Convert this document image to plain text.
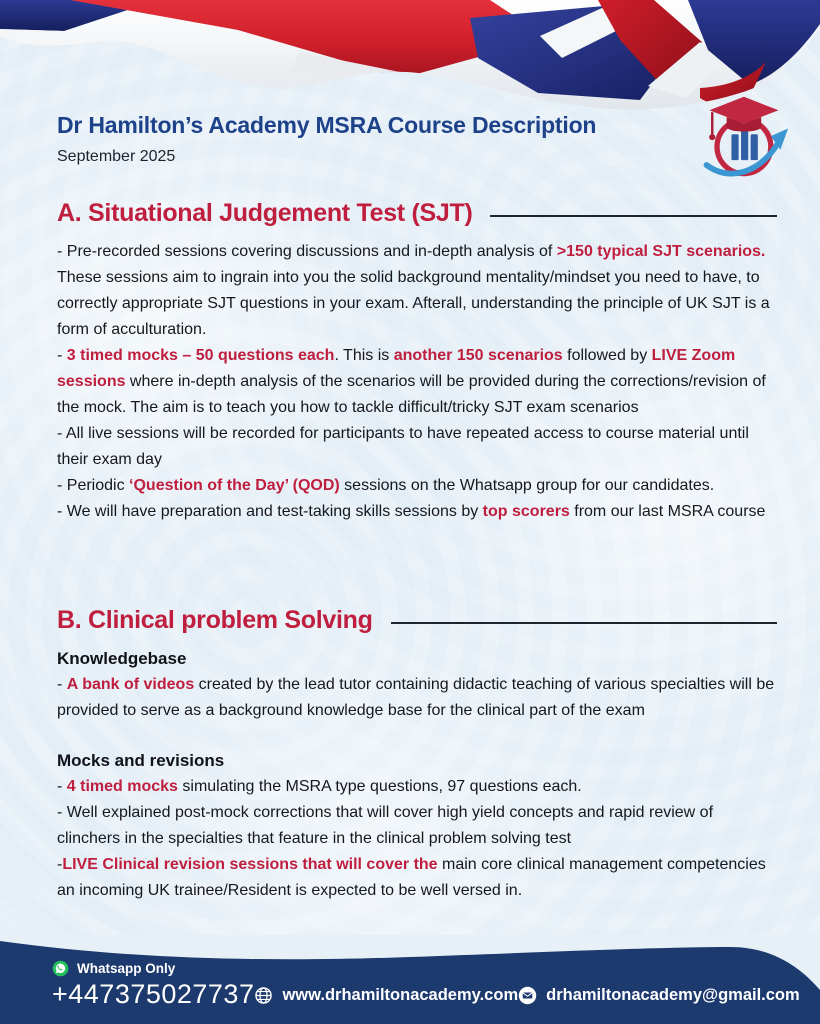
Dr Hamilton’s Academy MSRA Course Description
September 2025
A. Situational Judgement Test (SJT)

- Pre-recorded sessions covering discussions and in-depth analysis of >150 typical SJT scenarios. These sessions aim to ingrain into you the solid background mentality/mindset you need to have, to correctly appropriate SJT questions in your exam. Afterall, understanding the principle of UK SJT is a form of acculturation.

- 3 timed mocks – 50 questions each. This is another 150 scenarios followed by LIVE Zoom sessions where in-depth analysis of the scenarios will be provided during the corrections/revision of the mock. The aim is to teach you how to tackle difficult/tricky SJT exam scenarios

- All live sessions will be recorded for participants to have repeated access to course material until their exam day

- Periodic ‘Question of the Day’ (QOD) sessions on the Whatsapp group for our candidates.

- We will have preparation and test-taking skills sessions by top scorers from our last MSRA course

B. Clinical problem Solving
Knowledgebase

- A bank of videos created by the lead tutor containing didactic teaching of various specialties will be provided to serve as a background knowledge base for the clinical part of the exam

Mocks and revisions

- 4 timed mocks simulating the MSRA type questions, 97 questions each.

- Well explained post-mock corrections that will cover high yield concepts and rapid review of clinchers in the specialties that feature in the clinical problem solving test

-LIVE Clinical revision sessions that will cover the main core clinical management competencies an incoming UK trainee/Resident is expected to be well versed in.

Whatsapp Only
+447375027737 www.drhamiltonacademy.com drhamiltonacademy@gmail.com
